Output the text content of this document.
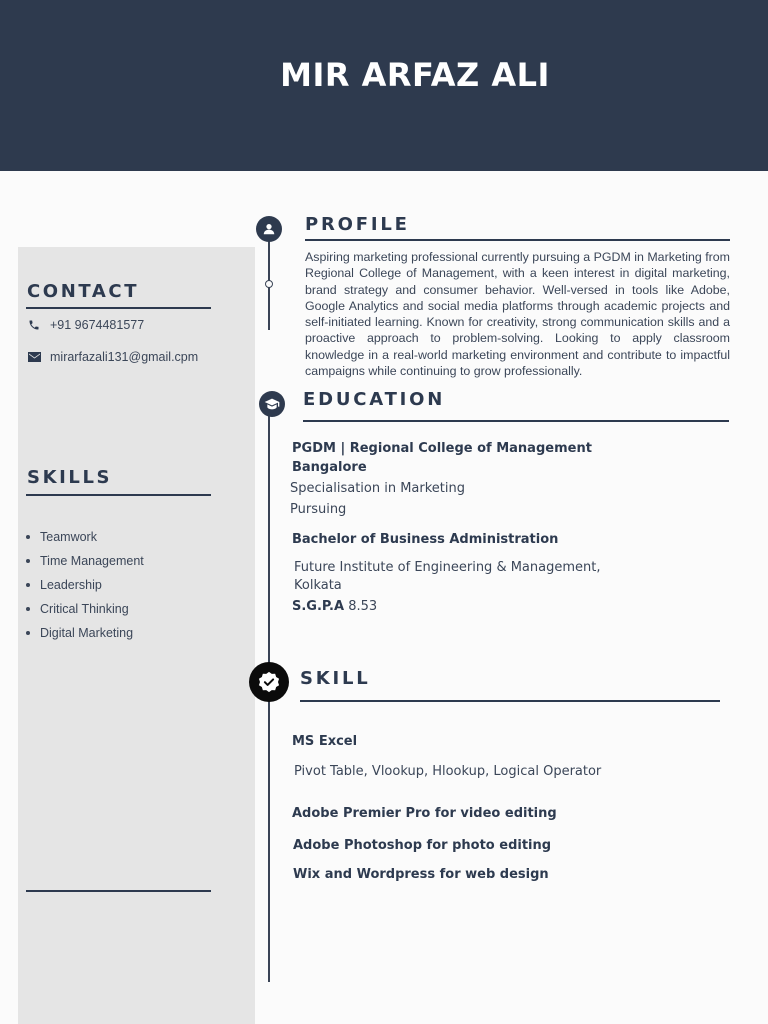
MIR ARFAZ ALI
CONTACT
+91 9674481577
mirarfazali131@gmail.cpm
SKILLS
Teamwork
Time Management
Leadership
Critical Thinking
Digital Marketing
PROFILE
Aspiring marketing professional currently pursuing a PGDM in Marketing from Regional College of Management, with a keen interest in digital marketing, brand strategy and consumer behavior. Well-versed in tools like Adobe, Google Analytics and social media platforms through academic projects and self-initiated learning. Known for creativity, strong communication skills and a proactive approach to problem-solving. Looking to apply classroom knowledge in a real-world marketing environment and contribute to impactful campaigns while continuing to grow professionally.
EDUCATION
PGDM | Regional College of Management
Bangalore
Specialisation in Marketing
Pursuing
Bachelor of Business Administration
Future Institute of Engineering & Management,
Kolkata
S.G.P.A 8.53
SKILL
MS Excel
Pivot Table, Vlookup, Hlookup, Logical Operator
Adobe Premier Pro for video editing
Adobe Photoshop for photo editing
Wix and Wordpress for web design
